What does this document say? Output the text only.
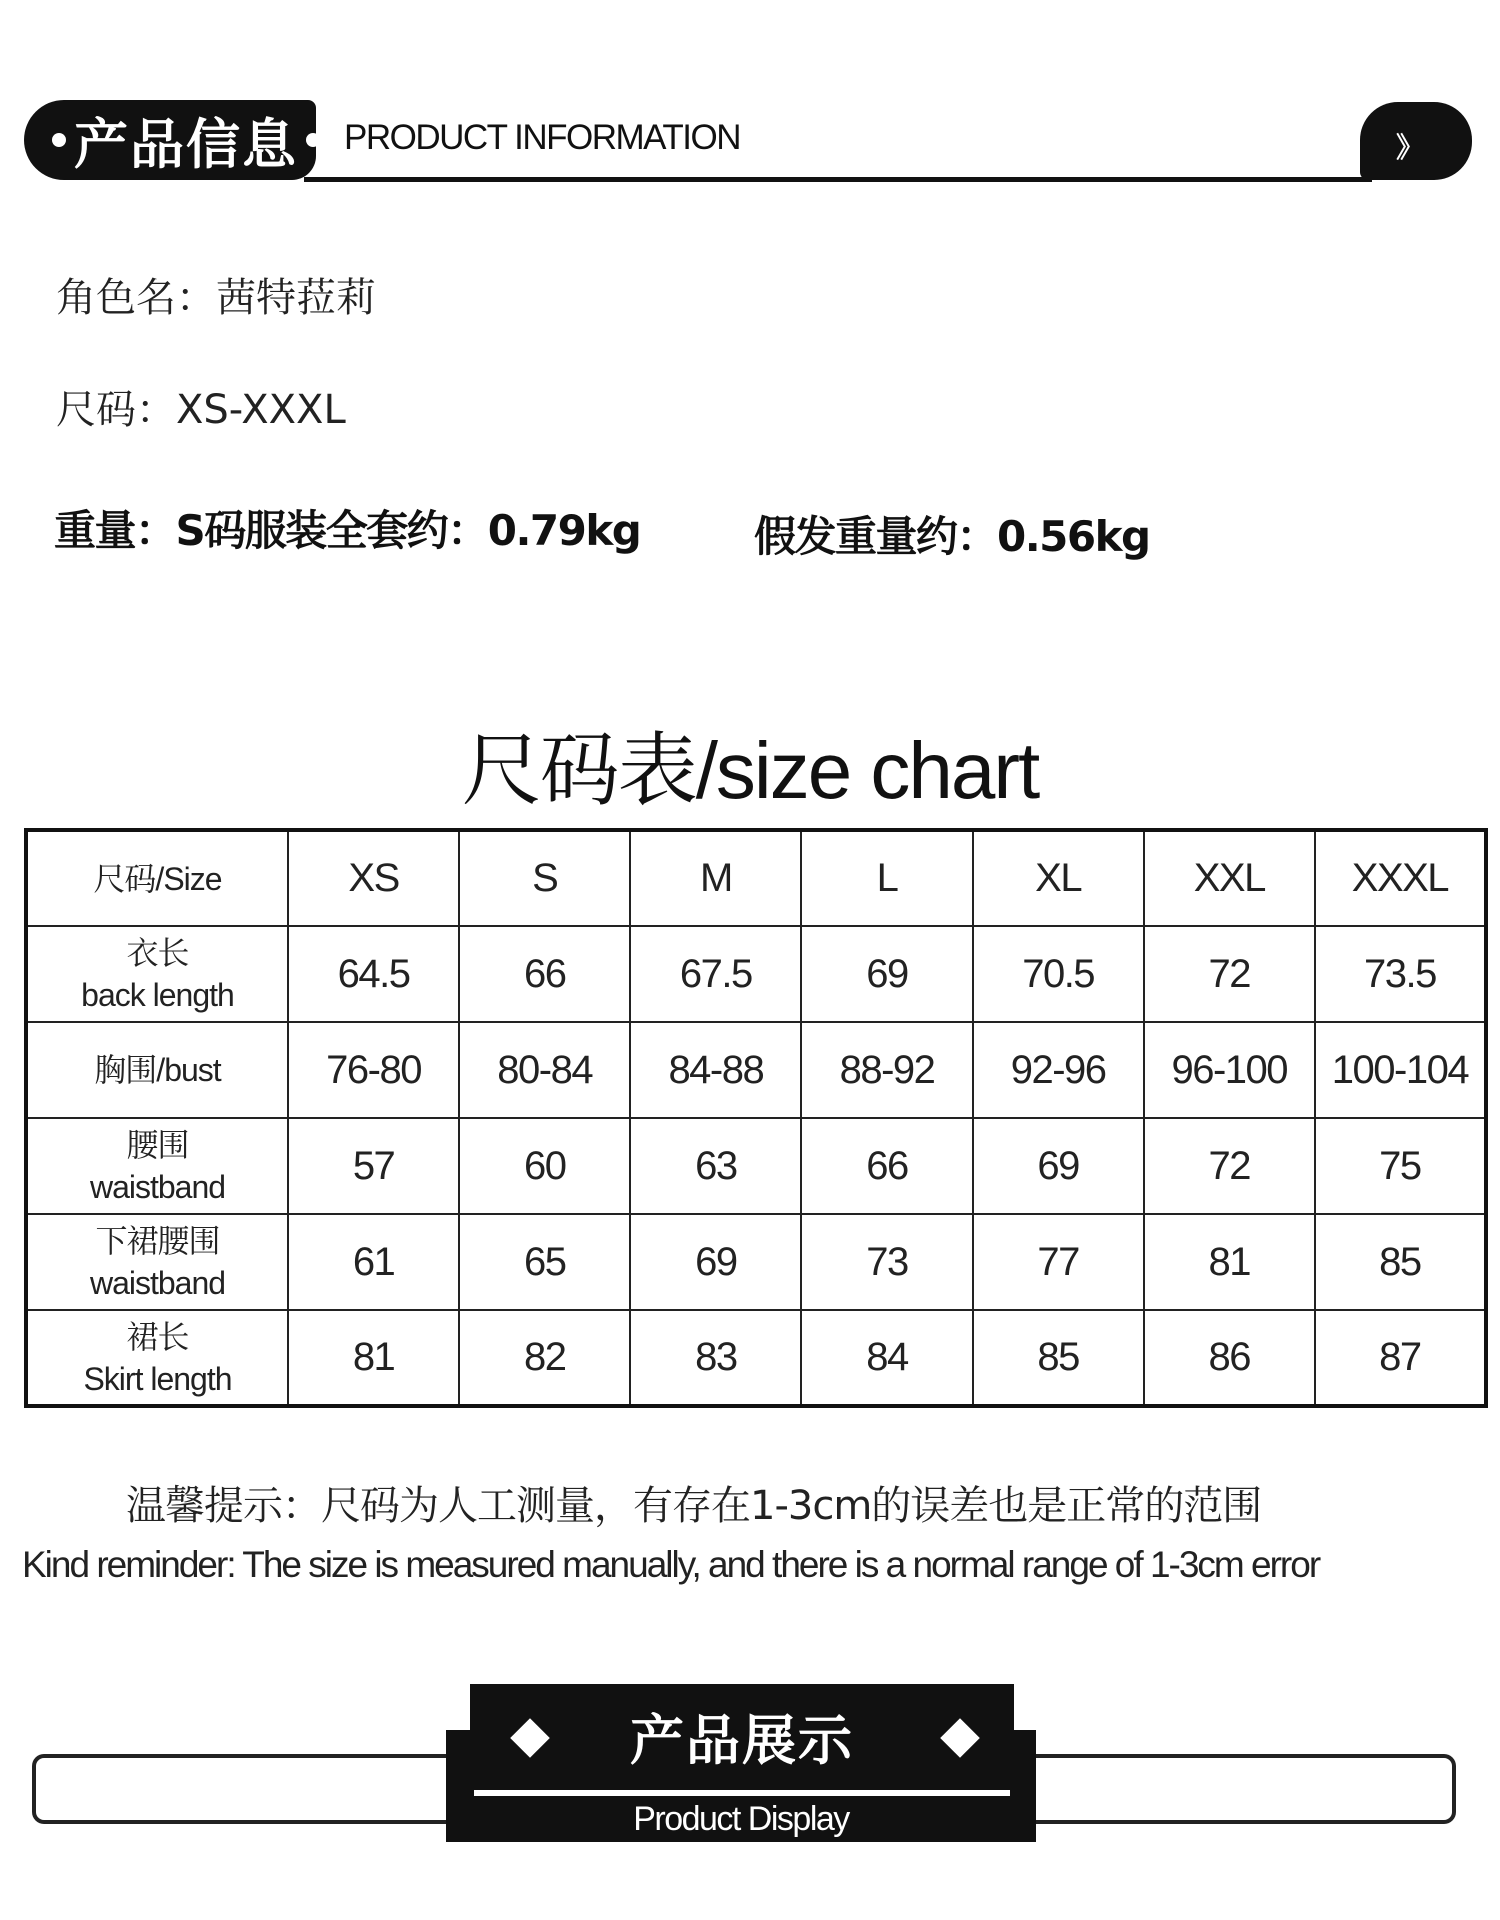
产品信息 PRODUCT INFORMATION	》
角色名：茜特菈莉
尺码：XS-XXXL
重量：S码服装全套约：0.79kg	假发重量约：0.56kg
尺码表/size chart
尺码/Size	XS	S	M	L	XL	XXL	XXXL

衣长
back length	64.5	66	67.5	69	70.5	72	73.5

胸围/bust	76-80	80-84	84-88	88-92	92-96	96-100	100-104

腰围
waistband	57	60	63	66	69	72	75

下裙腰围
waistband	61	65	69	73	77	81	85

裙长
Skirt length	81	82	83	84	85	86	87
温馨提示：尺码为人工测量，有存在1-3cm的误差也是正常的范围
Kind reminder: The size is measured manually, and there is a normal range of 1-3cm error
产品展示
Product Display
